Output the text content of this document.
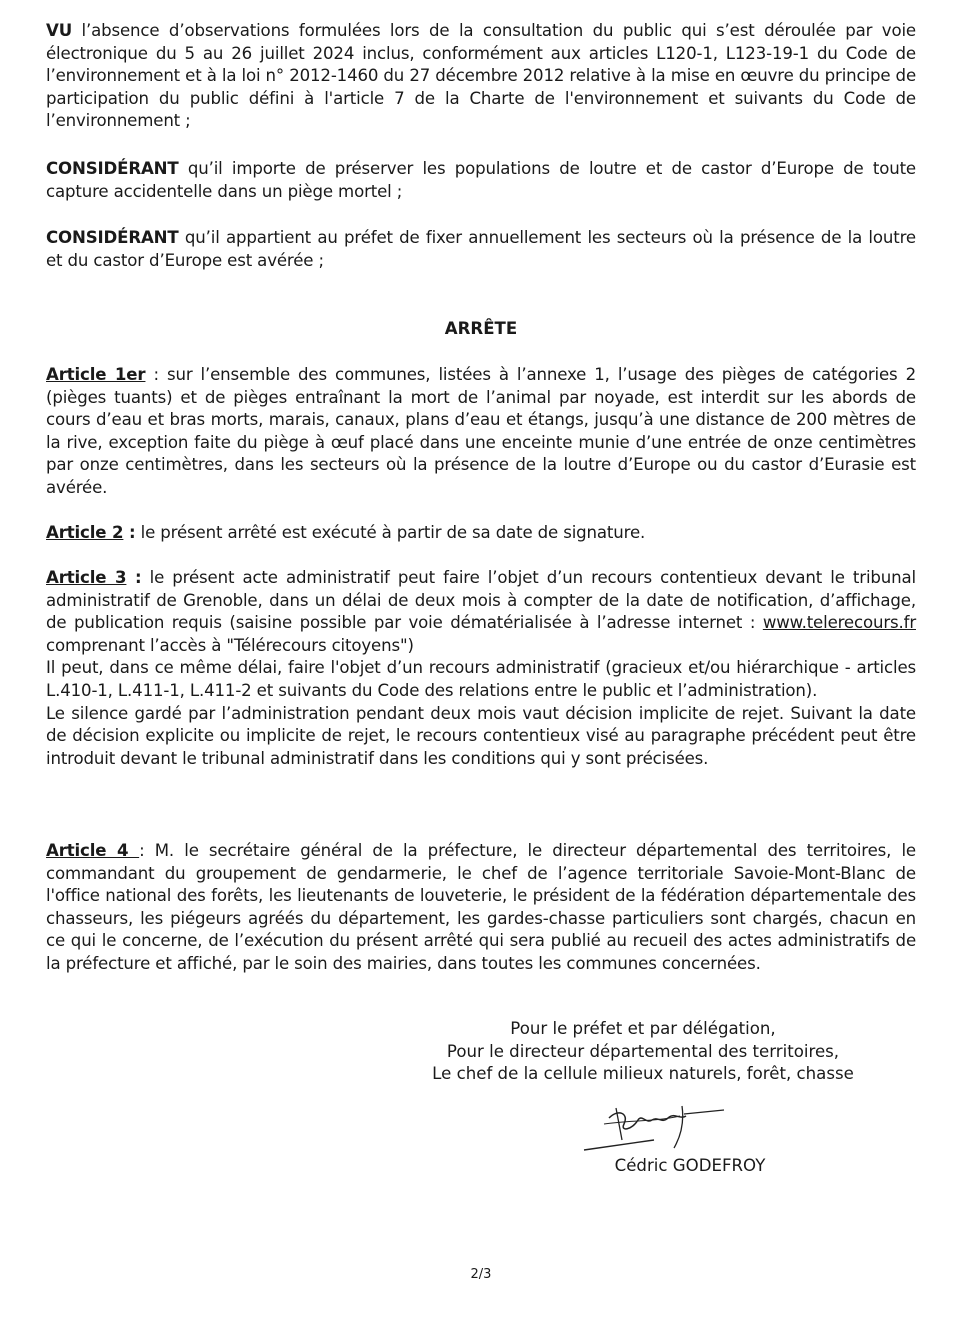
VU l’absence d’observations formulées lors de la consultation du public qui s’est déroulée par voie électronique du 5 au 26 juillet 2024 inclus, conformément aux articles L120-1, L123-19-1 du Code de l’environnement et à la loi n° 2012-1460 du 27 décembre 2012 relative à la mise en œuvre du principe de participation du public défini à l'article 7 de la Charte de l'environnement et suivants du Code de l’environnement ;

CONSIDÉRANT qu’il importe de préserver les populations de loutre et de castor d’Europe de toute capture accidentelle dans un piège mortel ;

CONSIDÉRANT qu’il appartient au préfet de fixer annuellement les secteurs où la présence de la loutre et du castor d’Europe est avérée ;

ARRÊTE

Article 1er : sur l’ensemble des communes, listées à l’annexe 1, l’usage des pièges de catégories 2 (pièges tuants) et de pièges entraînant la mort de l’animal par noyade, est interdit sur les abords de cours d’eau et bras morts, marais, canaux, plans d’eau et étangs, jusqu’à une distance de 200 mètres de la rive, exception faite du piège à œuf placé dans une enceinte munie d’une entrée de onze centimètres par onze centimètres, dans les secteurs où la présence de la loutre d’Europe ou du castor d’Eurasie est avérée.

Article 2 : le présent arrêté est exécuté à partir de sa date de signature.

Article 3 : le présent acte administratif peut faire l’objet d’un recours contentieux devant le tribunal administratif de Grenoble, dans un délai de deux mois à compter de la date de notification, d’affichage, de publication requis (saisine possible par voie dématérialisée à l’adresse internet : www.telerecours.fr comprenant l’accès à "Télérecours citoyens")
Il peut, dans ce même délai, faire l'objet d’un recours administratif (gracieux et/ou hiérarchique - articles L.410-1, L.411-1, L.411-2 et suivants du Code des relations entre le public et l’administration).
Le silence gardé par l’administration pendant deux mois vaut décision implicite de rejet. Suivant la date de décision explicite ou implicite de rejet, le recours contentieux visé au paragraphe précédent peut être introduit devant le tribunal administratif dans les conditions qui y sont précisées.

Article 4 : M. le secrétaire général de la préfecture, le directeur départemental des territoires, le commandant du groupement de gendarmerie, le chef de l’agence territoriale Savoie-Mont-Blanc de l'office national des forêts, les lieutenants de louveterie, le président de la fédération départementale des chasseurs, les piégeurs agréés du département, les gardes-chasse particuliers sont chargés, chacun en ce qui le concerne, de l’exécution du présent arrêté qui sera publié au recueil des actes administratifs de la préfecture et affiché, par le soin des mairies, dans toutes les communes concernées.

Pour le préfet et par délégation,
Pour le directeur départemental des territoires,
Le chef de la cellule milieux naturels, forêt, chasse
Cédric GODEFROY
2/3
